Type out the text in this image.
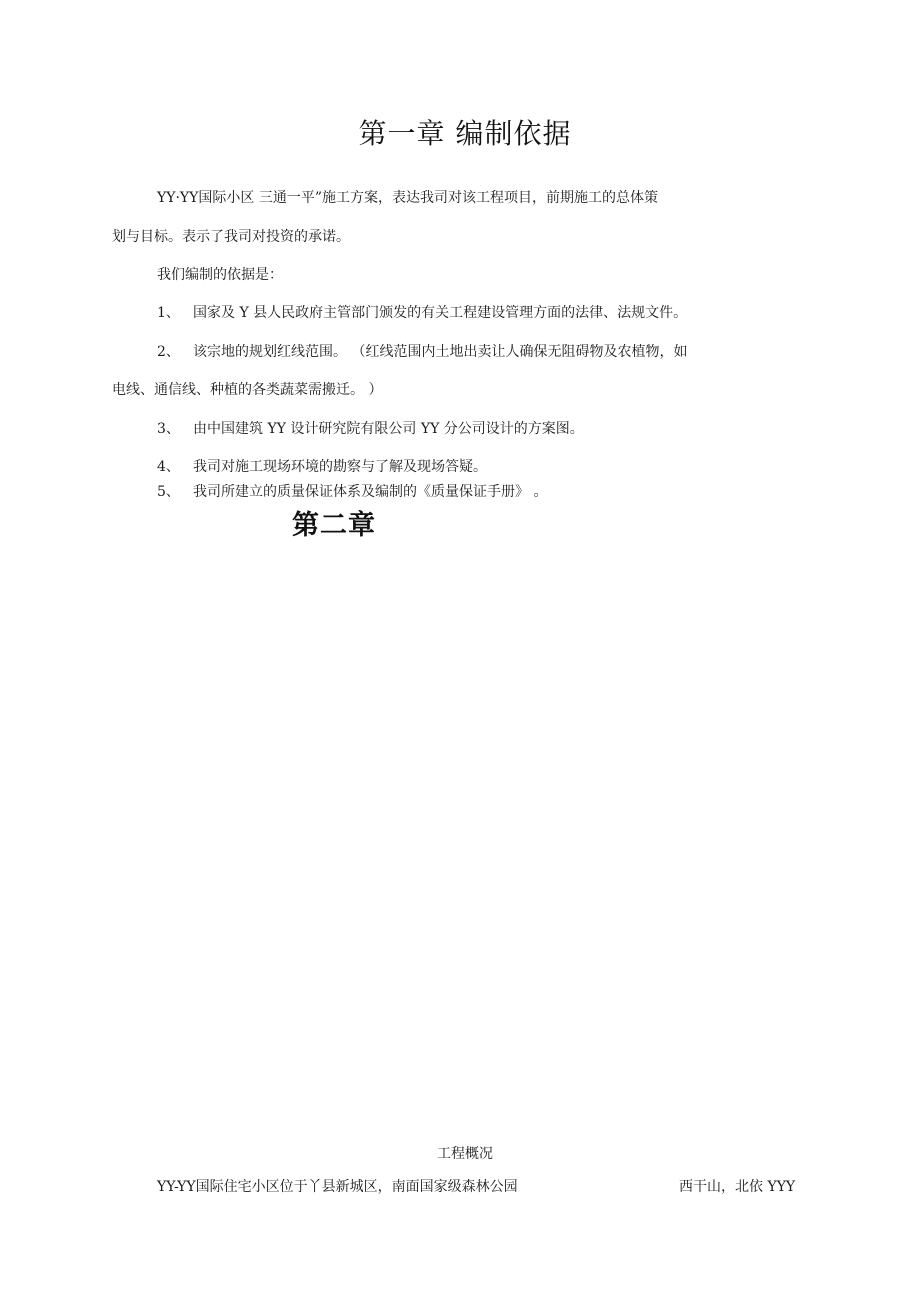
第一章 编制依据
YY·YY国际小区 三通一平”施工方案，表达我司对该工程项目，前期施工的总体策
划与目标。表示了我司对投资的承诺。
我们编制的依据是：
1、 国家及 Y 县人民政府主管部门颁发的有关工程建设管理方面的法律、法规文件。
2、 该宗地的规划红线范围。 （红线范围内土地出卖让人确保无阻碍物及农植物，如
电线、通信线、种植的各类蔬菜需搬迁。 ）
3、 由中国建筑 YY 设计研究院有限公司 YY 分公司设计的方案图。
4、 我司对施工现场环境的勘察与了解及现场答疑。
5、 我司所建立的质量保证体系及编制的《质量保证手册》 。
第二章
工程概况
YY-YY国际住宅小区位于丫县新城区，南面国家级森林公园	西干山，北依 YYY
